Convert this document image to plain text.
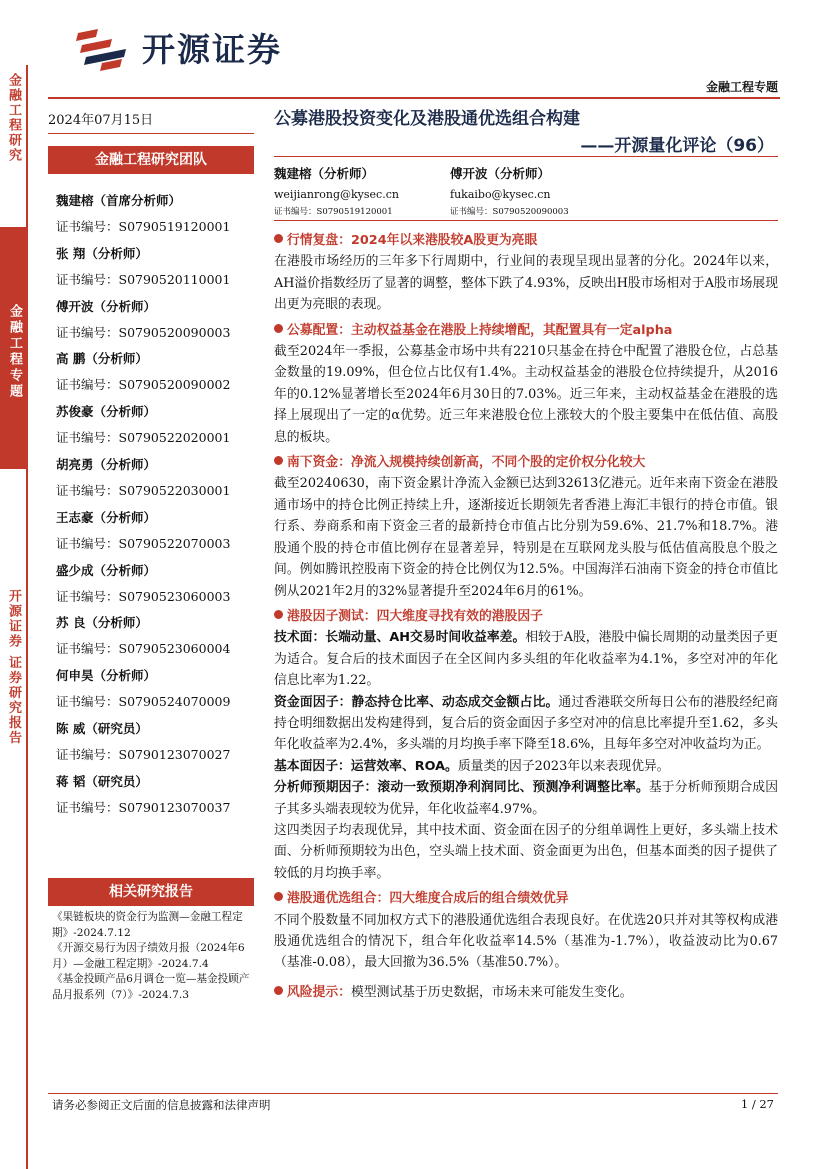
开源证券
金融工程专题
金融工程研究
金融工程专题
开源证券 证券研究报告
2024年07月15日
金融工程研究团队
魏建榕（首席分析师）
证书编号：S0790519120001
张 翔（分析师）
证书编号：S0790520110001
傅开波（分析师）
证书编号：S0790520090003
高 鹏（分析师）
证书编号：S0790520090002
苏俊豪（分析师）
证书编号：S0790522020001
胡亮勇（分析师）
证书编号：S0790522030001
王志豪（分析师）
证书编号：S0790522070003
盛少成（分析师）
证书编号：S0790523060003
苏 良（分析师）
证书编号：S0790523060004
何申昊（分析师）
证书编号：S0790524070009
陈 威（研究员）
证书编号：S0790123070027
蒋 韬（研究员）
证书编号：S0790123070037
相关研究报告
《果链板块的资金行为监测—金融工程定期》-2024.7.12
《开源交易行为因子绩效月报（2024年6月）—金融工程定期》-2024.7.4
《基金投顾产品6月调仓一览—基金投顾产品月报系列（7）》-2024.7.3
公募港股投资变化及港股通优选组合构建
——开源量化评论（96）
魏建榕（分析师）
weijianrong@kysec.cn
证书编号：S0790519120001
傅开波（分析师）
fukaibo@kysec.cn
证书编号：S0790520090003
行情复盘：2024年以来港股较A股更为亮眼
在港股市场经历的三年多下行周期中，行业间的表现呈现出显著的分化。2024年以来，AH溢价指数经历了显著的调整，整体下跌了4.93%，反映出H股市场相对于A股市场展现出更为亮眼的表现。
公募配置：主动权益基金在港股上持续增配，其配置具有一定alpha
截至2024年一季报，公募基金市场中共有2210只基金在持仓中配置了港股仓位，占总基金数量的19.09%，但仓位占比仅有1.4%。主动权益基金的港股仓位持续提升，从2016年的0.12%显著增长至2024年6月30日的7.03%。近三年来，主动权益基金在港股的选择上展现出了一定的α优势。近三年来港股仓位上涨较大的个股主要集中在低估值、高股息的板块。
南下资金：净流入规模持续创新高，不同个股的定价权分化较大
截至20240630，南下资金累计净流入金额已达到32613亿港元。近年来南下资金在港股通市场中的持仓比例正持续上升，逐渐接近长期领先者香港上海汇丰银行的持仓市值。银行系、券商系和南下资金三者的最新持仓市值占比分别为59.6%、21.7%和18.7%。港股通个股的持仓市值比例存在显著差异，特别是在互联网龙头股与低估值高股息个股之间。例如腾讯控股南下资金的持仓比例仅为12.5%。中国海洋石油南下资金的持仓市值比例从2021年2月的32%显著提升至2024年6月的61%。
港股因子测试：四大维度寻找有效的港股因子
技术面：长端动量、AH交易时间收益率差。相较于A股，港股中偏长周期的动量类因子更为适合。复合后的技术面因子在全区间内多头组的年化收益率为4.1%，多空对冲的年化信息比率为1.22。
资金面因子：静态持仓比率、动态成交金额占比。通过香港联交所每日公布的港股经纪商持仓明细数据出发构建得到，复合后的资金面因子多空对冲的信息比率提升至1.62，多头年化收益率为2.4%，多头端的月均换手率下降至18.6%，且每年多空对冲收益均为正。
基本面因子：运营效率、ROA。质量类的因子2023年以来表现优异。
分析师预期因子：滚动一致预期净利润同比、预测净利调整比率。基于分析师预期合成因子其多头端表现较为优异，年化收益率4.97%。
这四类因子均表现优异，其中技术面、资金面在因子的分组单调性上更好，多头端上技术面、分析师预期较为出色，空头端上技术面、资金面更为出色，但基本面类的因子提供了较低的月均换手率。
港股通优选组合：四大维度合成后的组合绩效优异
不同个股数量不同加权方式下的港股通优选组合表现良好。在优选20只并对其等权构成港股通优选组合的情况下，组合年化收益率14.5%（基准为-1.7%），收益波动比为0.67（基准-0.08），最大回撤为36.5%（基准50.7%）。
风险提示：模型测试基于历史数据，市场未来可能发生变化。
请务必参阅正文后面的信息披露和法律声明	1 / 27
